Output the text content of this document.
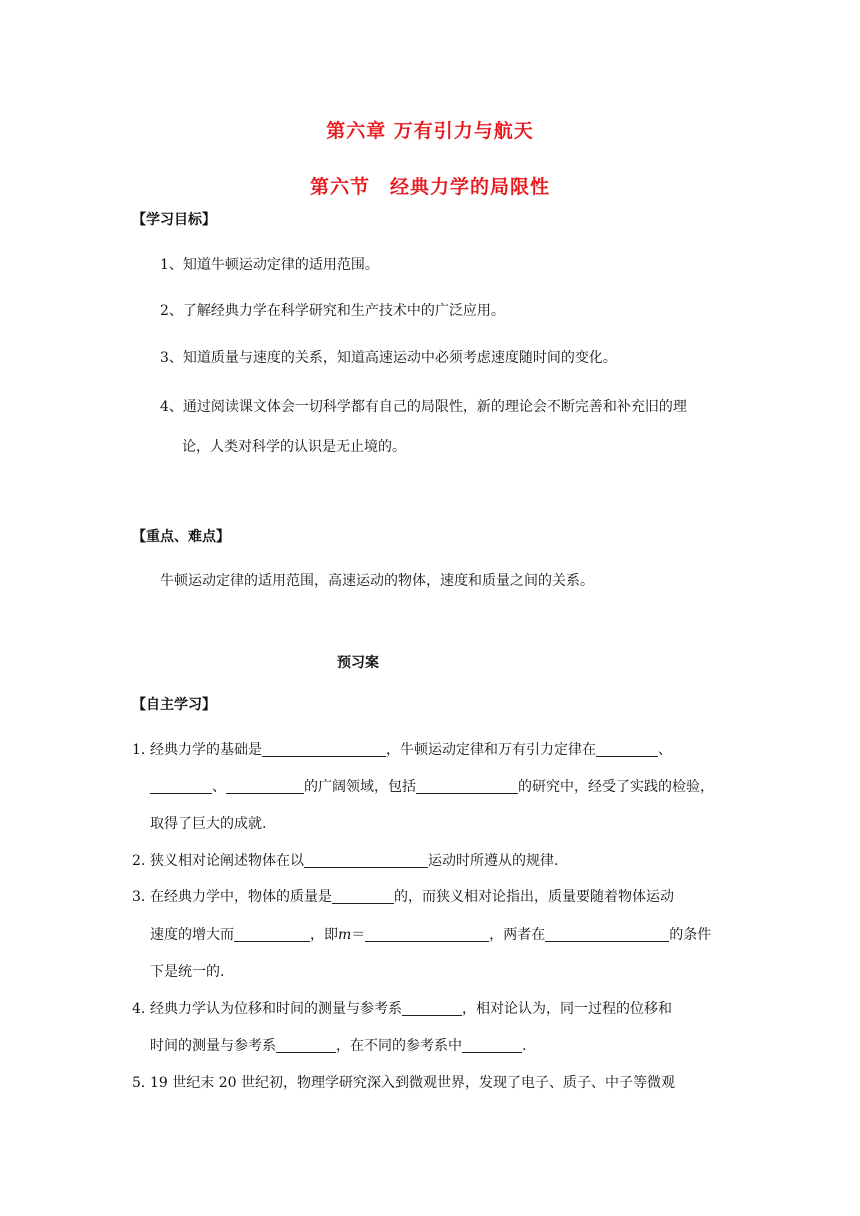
第六章 万有引力与航天
第六节　经典力学的局限性
【学习目标】
1、知道牛顿运动定律的适用范围。
2、了解经典力学在科学研究和生产技术中的广泛应用。
3、知道质量与速度的关系，知道高速运动中必须考虑速度随时间的变化。
4、通过阅读课文体会一切科学都有自己的局限性，新的理论会不断完善和补充旧的理
论，人类对科学的认识是无止境的。
【重点、难点】
牛顿运动定律的适用范围，高速运动的物体，速度和质量之间的关系。
预习案
【自主学习】
1．经典力学的基础是	，牛顿运动定律和万有引力定律在	、
、	的广阔领域，包括	的研究中，经受了实践的检验，
取得了巨大的成就.
2．狭义相对论阐述物体在以	运动时所遵从的规律.
3．在经典力学中，物体的质量是	的，而狭义相对论指出，质量要随着物体运动
速度的增大而	，即m＝	，两者在	的条件
下是统一的.
4．经典力学认为位移和时间的测量与参考系	，相对论认为，同一过程的位移和
时间的测量与参考系	，在不同的参考系中	.
5．19 世纪末 20 世纪初，物理学研究深入到微观世界，发现了电子、质子、中子等微观
